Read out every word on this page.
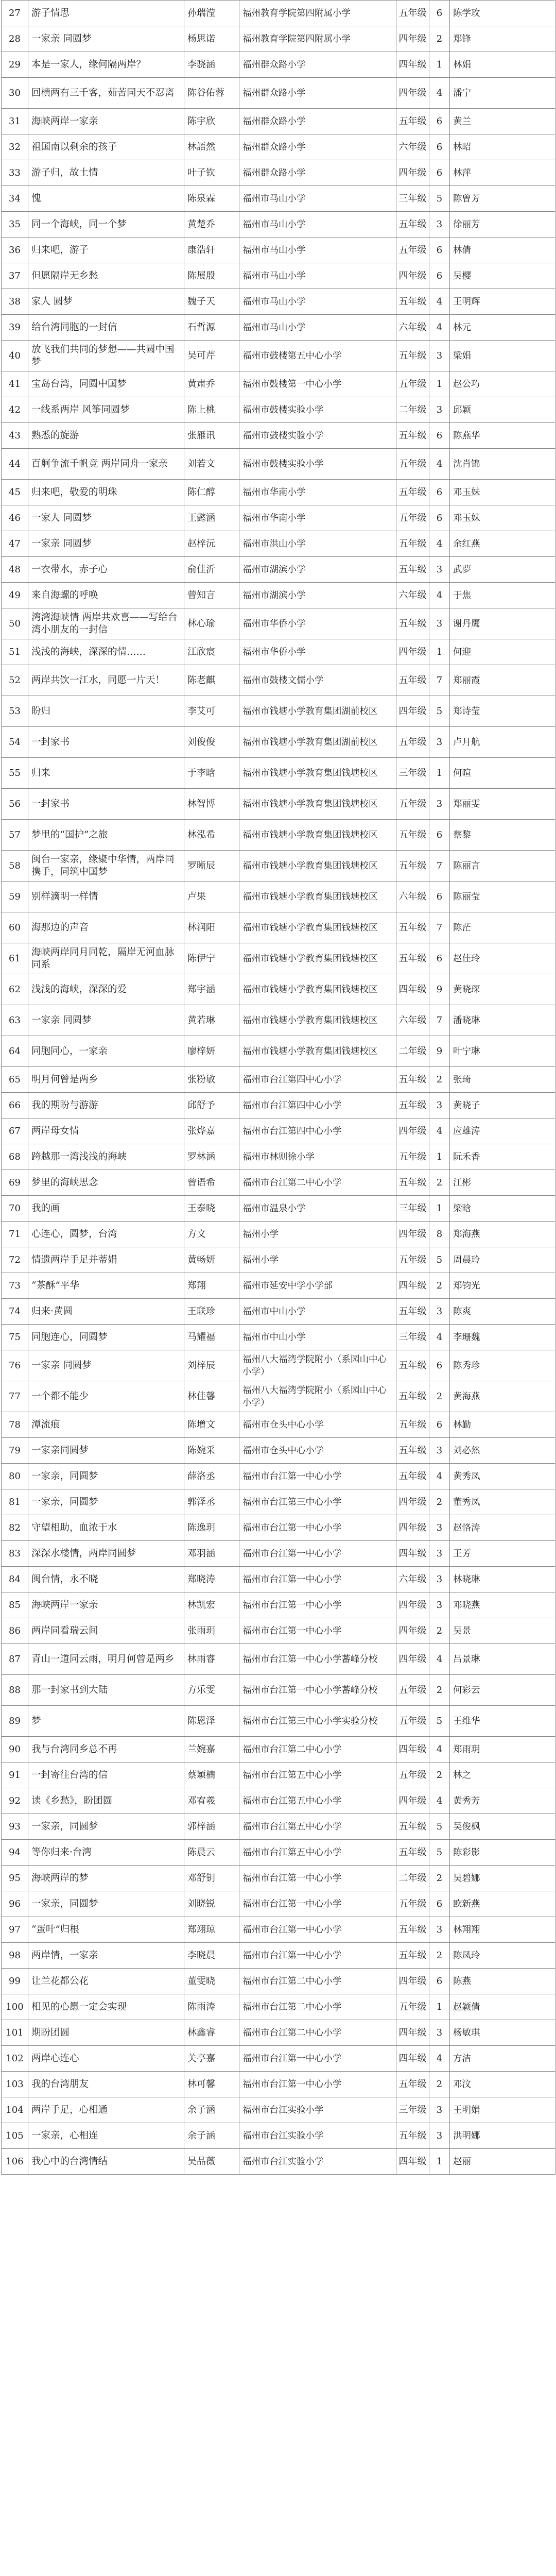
27	游子情思	孙瑞滢	福州教育学院第四附属小学	五年级	6	陈学玫
28	一家亲 同圆梦	杨思诺	福州教育学院第四附属小学	四年级	2	郑锋
29	本是一家人，缘何隔两岸？	李骁涵	福州群众路小学	四年级	1	林娟
30	回横两有三千客，茹苦同天不忍离	陈谷佑蓉	福州群众路小学	四年级	4	潘宁
31	海峡两岸一家亲	陈宇欣	福州群众路小学	五年级	6	黄兰
32	祖国南以剩余的孩子	林語然	福州群众路小学	六年级	6	林昭
33	游子归，故土情	叶子钦	福州群众路小学	四年级	6	林萍
34	愧	陈泉霖	福州市马山小学	三年级	5	陈曾芳
35	同一个海峡，同一个梦	黄楚乔	福州市马山小学	五年级	3	徐丽芳
36	归来吧，游子	康浩轩	福州市马山小学	五年级	6	林倩
37	但愿隔岸无乡愁	陈展殷	福州市马山小学	四年级	6	吴樱
38	家人 圆梦	魏子天	福州市马山小学	五年级	4	王明辉
39	给台湾同胞的一封信	石哲源	福州市马山小学	六年级	4	林元
40	放飞我们共同的梦想——共圆中国梦	吴可芹	福州市鼓楼第五中心小学	五年级	3	梁娟
41	宝岛台湾，同圆中国梦	黄肃乔	福州市鼓楼第一中心小学	五年级	1	赵公巧
42	一线系两岸 风筝同圆梦	陈上桃	福州市鼓楼实验小学	二年级	3	邱颖
43	熟悉的旋游	张雁讯	福州市鼓楼实验小学	五年级	6	陈燕华
44	百舸争流千帆竞 两岸同舟一家亲	刘若文	福州市鼓楼实验小学	五年级	4	沈肖锦
45	归来吧，敬爱的明珠	陈仁醇	福州市华南小学	五年级	6	邓玉妹
46	一家人 同圆梦	王懿涵	福州市华南小学	五年级	6	邓玉妹
47	一家亲 同圆梦	赵梓沅	福州市洪山小学	五年级	4	余红燕
48	一衣带水，赤子心	俞佳沂	福州市湖滨小学	五年级	3	武夢
49	来自海螺的呼唤	曾知言	福州市湖滨小学	六年级	4	于焦
50	湾湾海峡情 两岸共欢喜——写给台湾小朋友的一封信	林心瑜	福州市华侨小学	五年级	3	谢丹鹰
51	浅浅的海峡，深深的情……	江欣宸	福州市华侨小学	四年级	1	何迎
52	两岸共饮一江水，同愿一片天！	陈老麒	福州市鼓楼文儒小学	五年级	7	郑丽霞
53	盼归	李艾可	福州市钱塘小学教育集团湖前校区	四年级	5	郑诗莹
54	一封家书	刘俊俊	福州市钱塘小学教育集团湖前校区	五年级	3	卢月航
55	归来	于李晗	福州市钱塘小学教育集团钱塘校区	三年级	1	何暄
56	一封家书	林智博	福州市钱塘小学教育集团钱塘校区	五年级	3	郑丽雯
57	梦里的“国护”之旅	林泓希	福州市钱塘小学教育集团钱塘校区	五年级	6	蔡黎
58	闽台一家亲，缘聚中华情，两岸同携手，同筑中国梦	罗晰辰	福州市钱塘小学教育集团钱塘校区	五年级	7	陈丽言
59	别样滴明一样情	卢果	福州市钱塘小学教育集团钱塘校区	六年级	6	陈丽莹
60	海那边的声音	林润阳	福州市钱塘小学教育集团钱塘校区	五年级	7	陈茫
61	海峡两岸同月同乾，隔岸无河血脉同系	陈伊宁	福州市钱塘小学教育集团钱塘校区	五年级	6	赵佳玲
62	浅浅的海峡，深深的爱	郑宇涵	福州市钱塘小学教育集团钱塘校区	四年级	9	黄晓琛
63	一家亲 同圆梦	黄若琳	福州市钱塘小学教育集团钱塘校区	六年级	7	潘晓琳
64	同胞同心，一家亲	廖梓妍	福州市钱塘小学教育集团钱塘校区	二年级	9	叶宁琳
65	明月何曾是两乡	张粉敏	福州市台江第四中心小学	五年级	2	张琦
66	我的期盼与游游	邱舒予	福州市台江第四中心小学	五年级	3	黄晓子
67	两岸母女情	张烨嘉	福州市台江第四中心小学	四年级	4	应雄涛
68	跨越那一湾浅浅的海峡	罗林涵	福州市林则徐小学	五年级	1	阮禾香
69	梦里的海峡思念	曾语希	福州市台江第二中心小学	五年级	2	江彬
70	我的画	王泰晓	福州市温泉小学	三年级	1	梁晗
71	心连心，圆梦，台湾	方文	福州小学	四年级	8	郑海燕
72	情遗两岸手足并蒂娟	黄畅妍	福州小学	五年级	5	周晨玲
73	“茶酥”平华	郑翔	福州市延安中学小学部	四年级	2	郑钧光
74	归来·黄圆	王联珍	福州市中山小学	五年级	3	陈爽
75	同胞连心，同圆梦	马耀福	福州市中山小学	三年级	4	李珊魏
76	一家亲 同圆梦	刘梓辰	福州八大福湾学院附小（系园山中心小学）	五年级	6	陈秀珍
77	一个都不能少	林佳馨	福州八大福湾学院附小（系园山中心小学）	五年级	2	黄海燕
78	潭流痕	陈增文	福州市仓头中心小学	五年级	6	林勤
79	一家亲同圆梦	陈婉采	福州市仓头中心小学	五年级	3	刘必然
80	一家亲，同圆梦	薛洛丞	福州市台江第一中心小学	五年级	4	黄秀凤
81	一家亲，同圆梦	郭泽丞	福州市台江第三中心小学	四年级	2	董秀凤
82	守望相助，血浓于水	陈逸玥	福州市台江第一中心小学	四年级	3	赵恪涛
83	深深水楼情，两岸同圆梦	邓羽涵	福州市台江第一中心小学	四年级	3	王芳
84	闽台情，永不晓	郑晓涛	福州市台江第一中心小学	六年级	3	林晓琳
85	海峡两岸一家亲	林凯宏	福州市台江第一中心小学	四年级	3	邓晓燕
86	两岸同看瑞云间	张雨玥	福州市台江第一中心小学	四年级	2	吴景
87	青山一道同云雨，明月何曾是两乡	林雨睿	福州市台江第一中心小学蕃峰分校	四年级	4	吕景琳
88	那一封家书到大陆	方乐雯	福州市台江第一中心小学蕃峰分校	五年级	2	何彩云
89	梦	陈恩泽	福州市台江第三中心小学实验分校	五年级	5	王维华
90	我与台湾同乡总不再	兰婉嘉	福州市台江第二中心小学	四年级	4	郑雨玥
91	一封寄往台湾的信	蔡颖楠	福州市台江第五中心小学	五年级	2	林之
92	读《乡愁》，盼团圆	邓宥羲	福州市台江第五中心小学	四年级	4	黄秀芳
93	一家亲，同圆梦	郭梓涵	福州市台江第五中心小学	五年级	5	吴俊枫
94	等你归来·台湾	陈晨云	福州市台江第五中心小学	五年级	5	陈彩影
95	海峡两岸的梦	邓舒钥	福州市台江第一中心小学	二年级	2	吴碧娜
96	一家亲，同圆梦	刘晓锐	福州市台江第一中心小学	五年级	6	欧新燕
97	“蛋叶”归根	郑翊琼	福州市台江第一中心小学	五年级	3	林翔翔
98	两岸情，一家亲	李晓晨	福州市台江第一中心小学	五年级	2	陈凤玲
99	让兰花都公花	董雯晓	福州市台江第二中心小学	四年级	6	陈燕
100	相见的心愿一定会实现	陈雨涛	福州市台江第二中心小学	五年级	1	赵颖倩
101	期盼团圆	林鑫睿	福州市台江第二中心小学	四年级	3	杨敏琪
102	两岸心连心	关亭嘉	福州市台江第一中心小学	四年级	4	方洁
103	我的台湾朋友	林可馨	福州市台江第一中心小学	五年级	2	邓汶
104	两岸手足，心相通	余子涵	福州市台江实验小学	三年级	3	王明娟
105	一家亲，心相连	余子涵	福州市台江实验小学	五年级	3	洪明娜
106	我心中的台湾情结	吴品薇	福州市台江实验小学	四年级	1	赵丽
